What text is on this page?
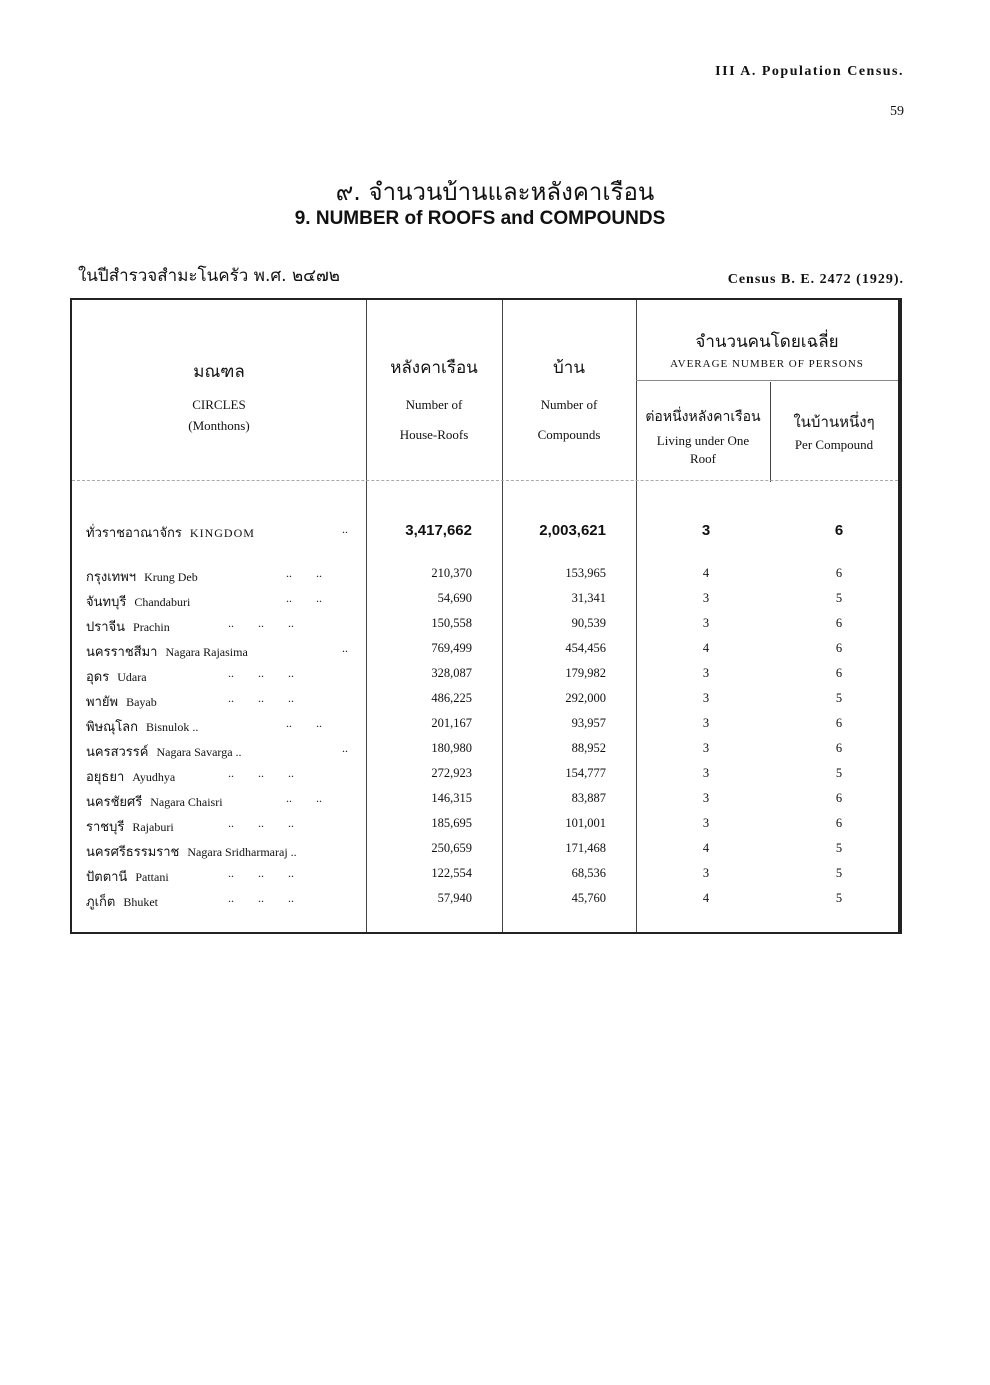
III A. Population Census.
59
๙. จำนวนบ้านและหลังคาเรือน
9. NUMBER of ROOFS and COMPOUNDS
ในปีสำรวจสำมะโนครัว พ.ศ. ๒๔๗๒	Census B. E. 2472 (1929).
มณฑล
CIRCLES
(Monthons)
หลังคาเรือน
Number of
House-Roofs
บ้าน
Number of
Compounds
จำนวนคนโดยเฉลี่ย
AVERAGE NUMBER OF PERSONS
ต่อหนึ่งหลังคาเรือน
Living under One
Roof
ในบ้านหนึ่งๆ
Per Compound
ทั่วราชอาณาจักร KINGDOM	..	3,417,662	2,003,621	3	6
กรุงเทพฯ Krung Deb	..        ..	210,370	153,965	4	6
จันทบุรี Chandaburi	..        ..	54,690	31,341	3	5
ปราจีน Prachin	..        ..        ..	150,558	90,539	3	6
นครราชสีมา Nagara Rajasima	..	769,499	454,456	4	6
อุดร Udara	..        ..        ..	328,087	179,982	3	6
พายัพ Bayab	..        ..        ..	486,225	292,000	3	5
พิษณุโลก Bisnulok ..	..        ..	201,167	93,957	3	6
นครสวรรค์ Nagara Savarga ..	..	180,980	88,952	3	6
อยุธยา Ayudhya	..        ..        ..	272,923	154,777	3	5
นครชัยศรี Nagara Chaisri	..        ..	146,315	83,887	3	6
ราชบุรี Rajaburi	..        ..        ..	185,695	101,001	3	6
นครศรีธรรมราช Nagara Sridharmaraj ..	250,659	171,468	4	5
ปัตตานี Pattani	..        ..        ..	122,554	68,536	3	5
ภูเก็ต Bhuket	..        ..        ..	57,940	45,760	4	5
